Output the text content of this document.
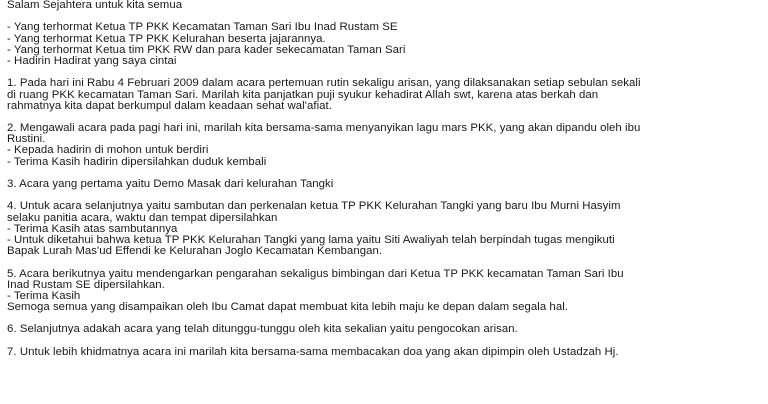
Salam Sejahtera untuk kita semua
- Yang terhormat Ketua TP PKK Kecamatan Taman Sari Ibu Inad Rustam SE
- Yang terhormat Ketua TP PKK Kelurahan beserta jajarannya.
- Yang terhormat Ketua tim PKK RW dan para kader sekecamatan Taman Sari
- Hadirin Hadirat yang saya cintai
1. Pada hari ini Rabu 4 Februari 2009 dalam acara pertemuan rutin sekaligu arisan, yang dilaksanakan setiap sebulan sekali
di ruang PKK kecamatan Taman Sari. Marilah kita panjatkan puji syukur kehadirat Allah swt, karena atas berkah dan
rahmatnya kita dapat berkumpul dalam keadaan sehat wal'afiat.
2. Mengawali acara pada pagi hari ini, marilah kita bersama-sama menyanyikan lagu mars PKK, yang akan dipandu oleh ibu
Rustini.
- Kepada hadirin di mohon untuk berdiri
- Terima Kasih hadirin dipersilahkan duduk kembali
3. Acara yang pertama yaitu Demo Masak dari kelurahan Tangki
4. Untuk acara selanjutnya yaitu sambutan dan perkenalan ketua TP PKK Kelurahan Tangki yang baru Ibu Murni Hasyim
selaku panitia acara, waktu dan tempat dipersilahkan
- Terima Kasih atas sambutannya
- Untuk diketahui bahwa ketua TP PKK Kelurahan Tangki yang lama yaitu Siti Awaliyah telah berpindah tugas mengikuti
Bapak Lurah Mas'ud Effendi ke Kelurahan Joglo Kecamatan Kembangan.
5. Acara berikutnya yaitu mendengarkan pengarahan sekaligus bimbingan dari Ketua TP PKK kecamatan Taman Sari Ibu
Inad Rustam SE dipersilahkan.
- Terima Kasih
Semoga semua yang disampaikan oleh Ibu Camat dapat membuat kita lebih maju ke depan dalam segala hal.
6. Selanjutnya adakah acara yang telah ditunggu-tunggu oleh kita sekalian yaitu pengocokan arisan.
7. Untuk lebih khidmatnya acara ini marilah kita bersama-sama membacakan doa yang akan dipimpin oleh Ustadzah Hj.
